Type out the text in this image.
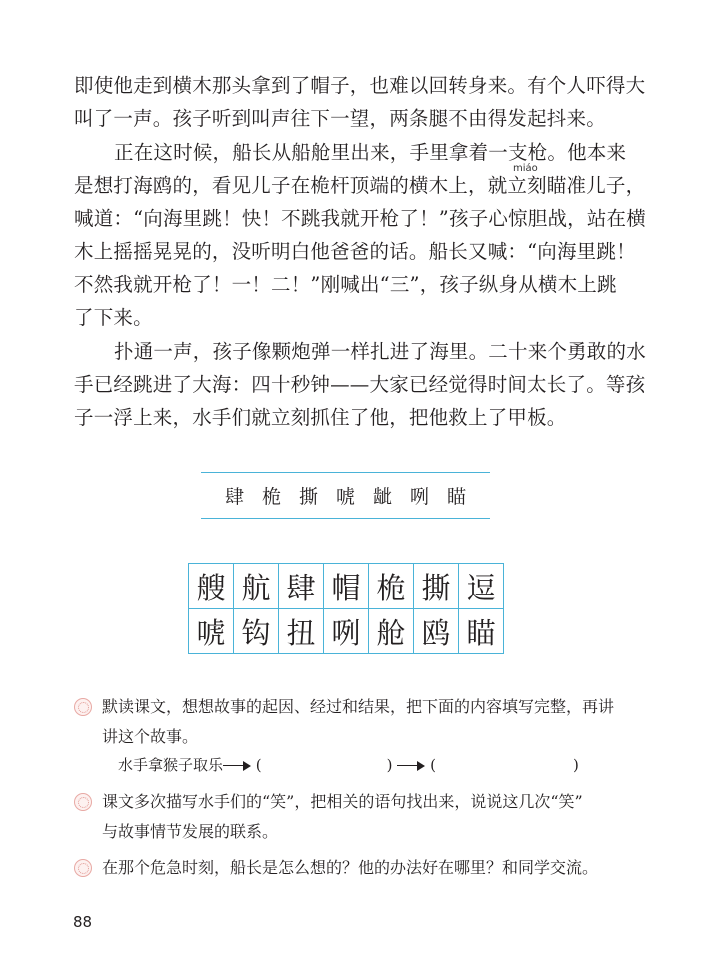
即使他走到横木那头拿到了帽子，也难以回转身来。有个人吓得大
叫了一声。孩子听到叫声往下一望，两条腿不由得发起抖来。

正在这时候，船长从船舱里出来，手里拿着一支枪。他本来
是想打海鸥的，看见儿子在桅杆顶端的横木上，就立刻瞄准儿子，
喊道：“向海里跳！快！不跳我就开枪了！”孩子心惊胆战，站在横
木上摇摇晃晃的，没听明白他爸爸的话。船长又喊：“向海里跳！
不然我就开枪了！一！二！”刚喊出“三”，孩子纵身从横木上跳
了下来。

miáo

扑通一声，孩子像颗炮弹一样扎进了海里。二十来个勇敢的水
手已经跳进了大海：四十秒钟——大家已经觉得时间太长了。等孩
子一浮上来，水手们就立刻抓住了他，把他救上了甲板。

肆 桅 撕 唬 龇 咧 瞄
艘	航	肆	帽	桅	撕	逗
唬	钩	扭	咧	舱	鸥	瞄
默读课文，想想故事的起因、经过和结果，把下面的内容填写完整，再讲
讲这个故事。
水手拿猴子取乐 (	)	(	)
课文多次描写水手们的“笑”，把相关的语句找出来，说说这几次“笑”
与故事情节发展的联系。
在那个危急时刻，船长是怎么想的？他的办法好在哪里？和同学交流。
88
